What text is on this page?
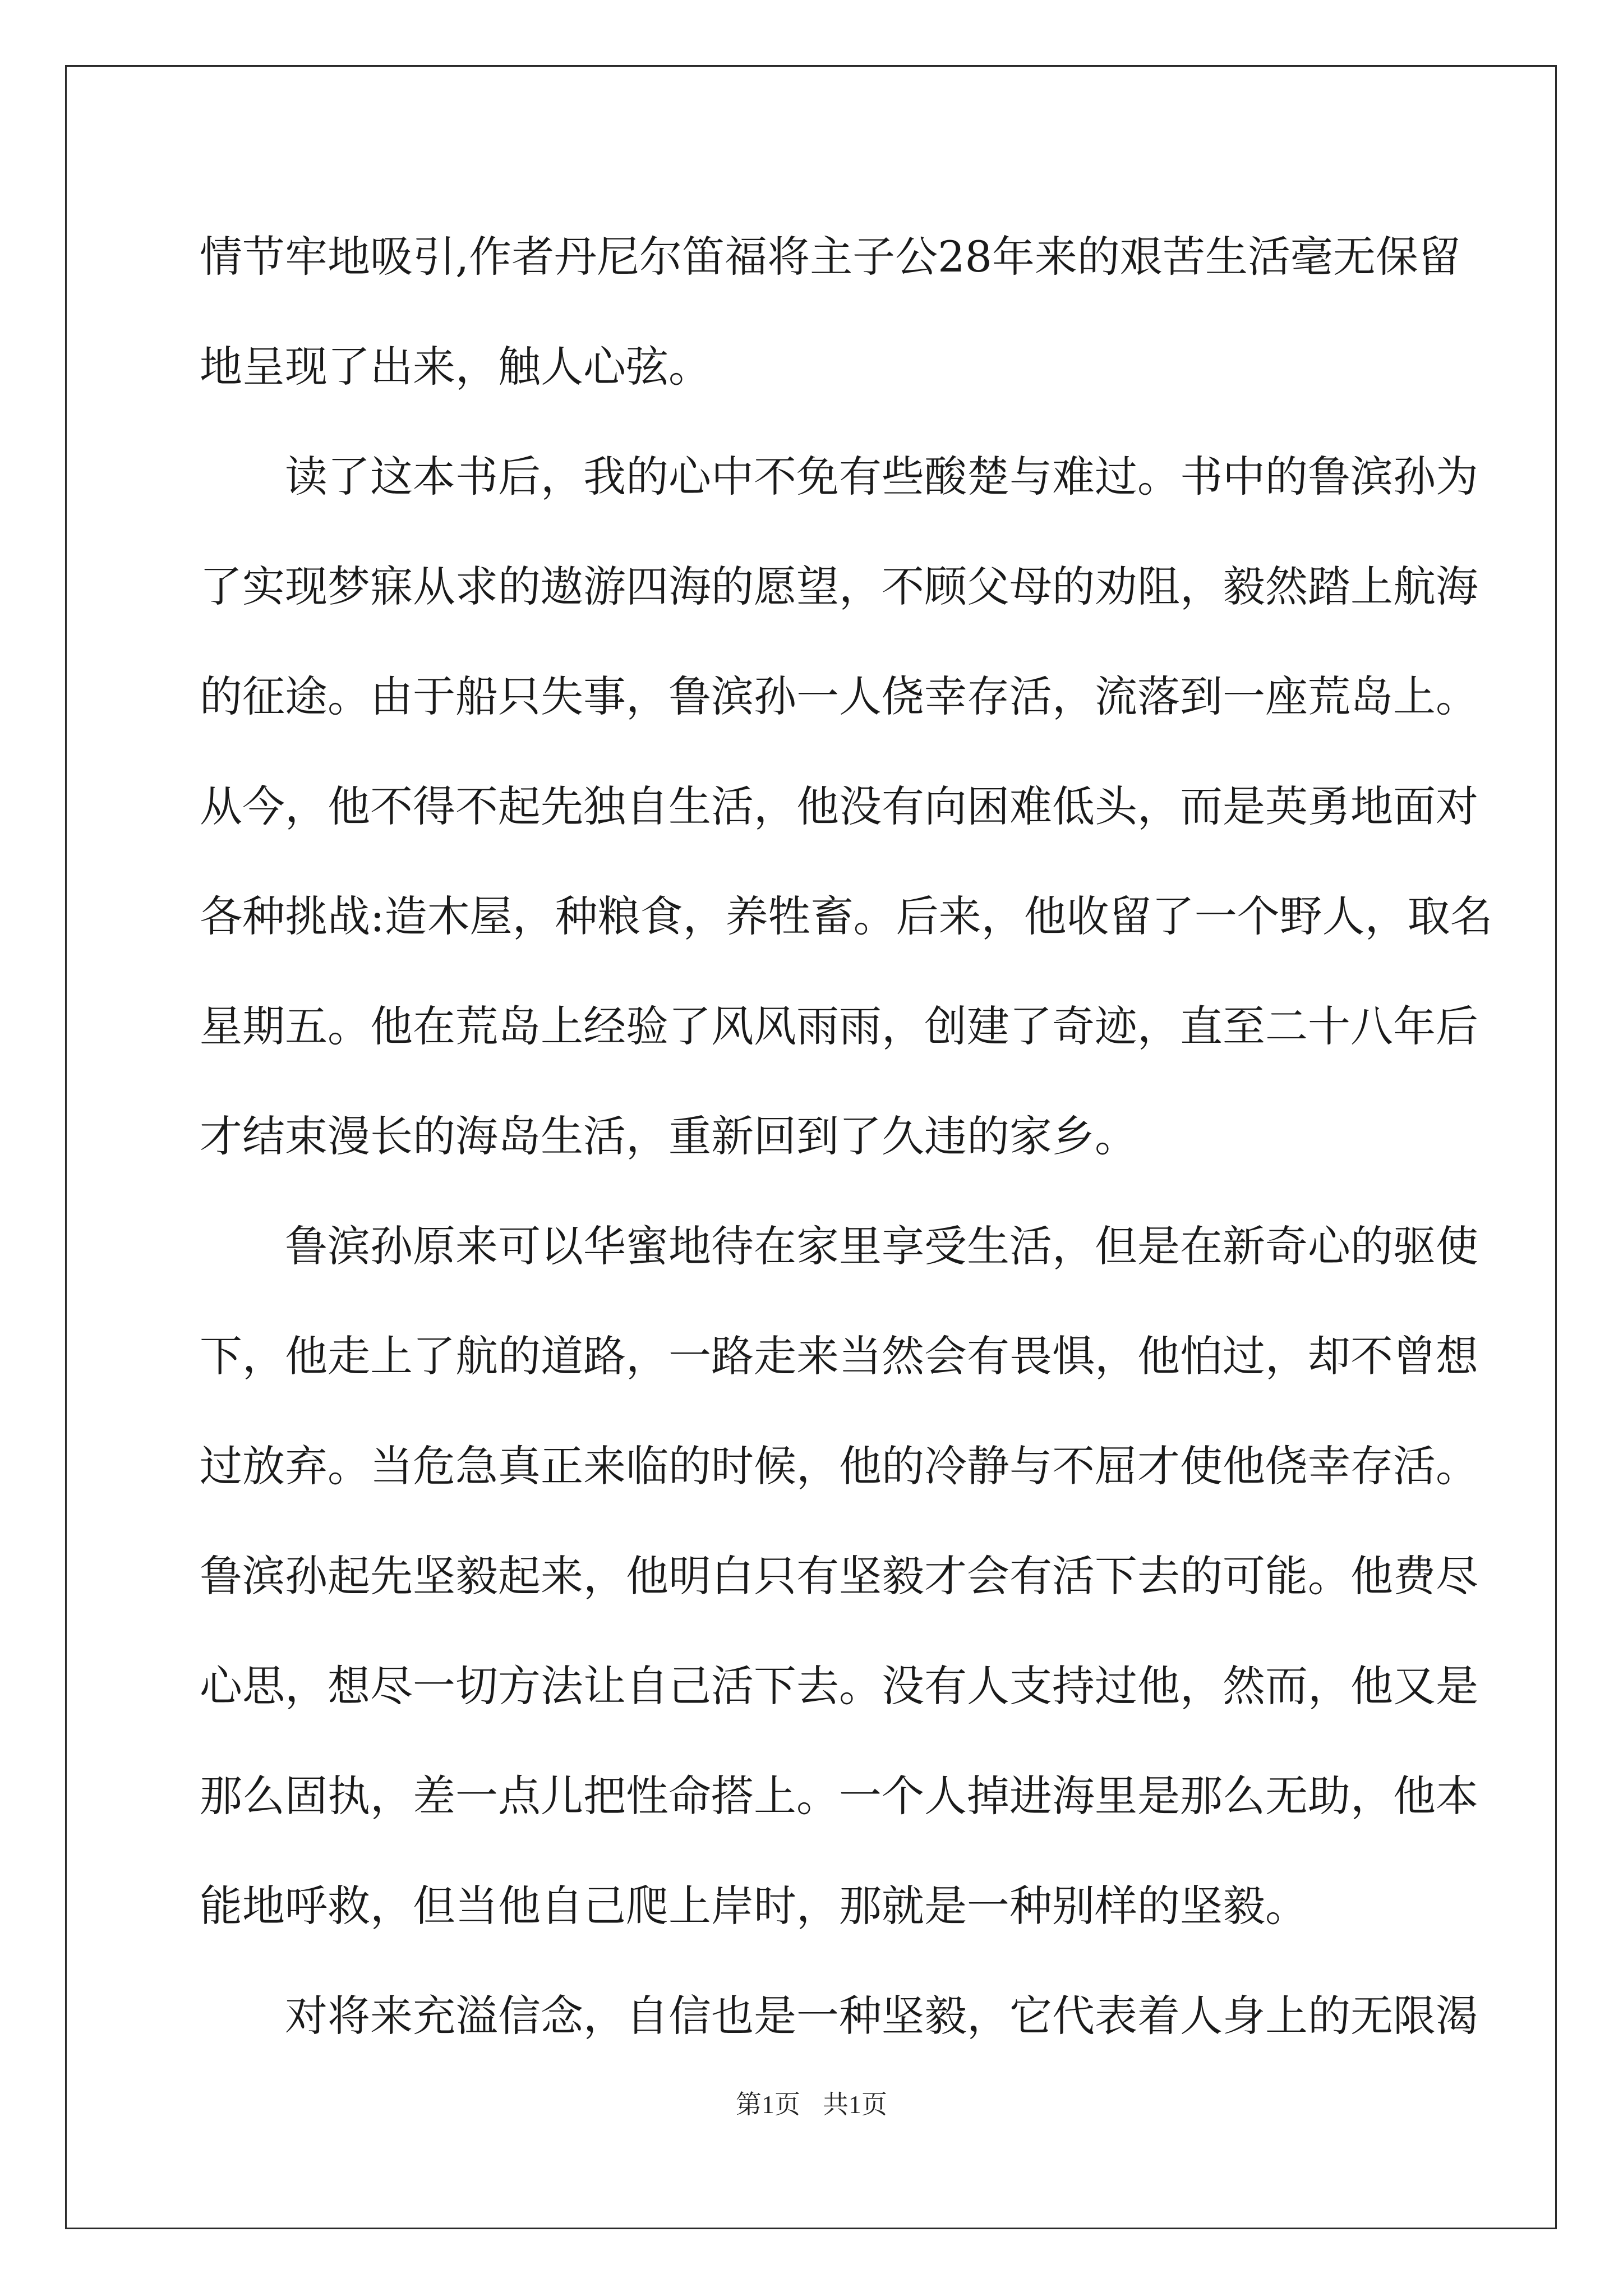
情 节 牢 地 吸 引 , 作 者 丹 尼 尔 笛 福 将 主 子 公 28 年 来 的 艰 苦 生 活 毫 无 保 留
地呈现了出来，触人心弦。
读 了 这 本 书 后 ， 我 的 心 中 不 免 有 些 酸 楚 与 难 过 。 书 中 的 鲁 滨 孙 为
了 实 现 梦 寐 从 求 的 遨 游 四 海 的 愿 望 ， 不 顾 父 母 的 劝 阻 ， 毅 然 踏 上 航 海
的 征 途 。 由 于 船 只 失 事 ， 鲁 滨 孙 一 人 侥 幸 存 活 ， 流 落 到 一 座 荒 岛 上 。
从 今 ， 他 不 得 不 起 先 独 自 生 活 ， 他 没 有 向 困 难 低 头 ， 而 是 英 勇 地 面 对
各 种 挑 战 : 造 木 屋 ， 种 粮 食 ， 养 牲 畜 。 后 来 ， 他 收 留 了 一 个 野 人 ， 取 名
星 期 五 。 他 在 荒 岛 上 经 验 了 风 风 雨 雨 ， 创 建 了 奇 迹 ， 直 至 二 十 八 年 后
才结束漫长的海岛生活，重新回到了久违的家乡。
鲁 滨 孙 原 来 可 以 华 蜜 地 待 在 家 里 享 受 生 活 ， 但 是 在 新 奇 心 的 驱 使
下 ， 他 走 上 了 航 的 道 路 ， 一 路 走 来 当 然 会 有 畏 惧 ， 他 怕 过 ， 却 不 曾 想
过 放 弃 。 当 危 急 真 正 来 临 的 时 候 ， 他 的 冷 静 与 不 屈 才 使 他 侥 幸 存 活 。
鲁 滨 孙 起 先 坚 毅 起 来 ， 他 明 白 只 有 坚 毅 才 会 有 活 下 去 的 可 能 。 他 费 尽
心 思 ， 想 尽 一 切 方 法 让 自 己 活 下 去 。 没 有 人 支 持 过 他 ， 然 而 ， 他 又 是
那 么 固 执 ， 差 一 点 儿 把 性 命 搭 上 。 一 个 人 掉 进 海 里 是 那 么 无 助 ， 他 本
能地呼救，但当他自己爬上岸时，那就是一种别样的坚毅。
对 将 来 充 溢 信 念 ， 自 信 也 是 一 种 坚 毅 ， 它 代 表 着 人 身 上 的 无 限 渴
第1页 共1页
